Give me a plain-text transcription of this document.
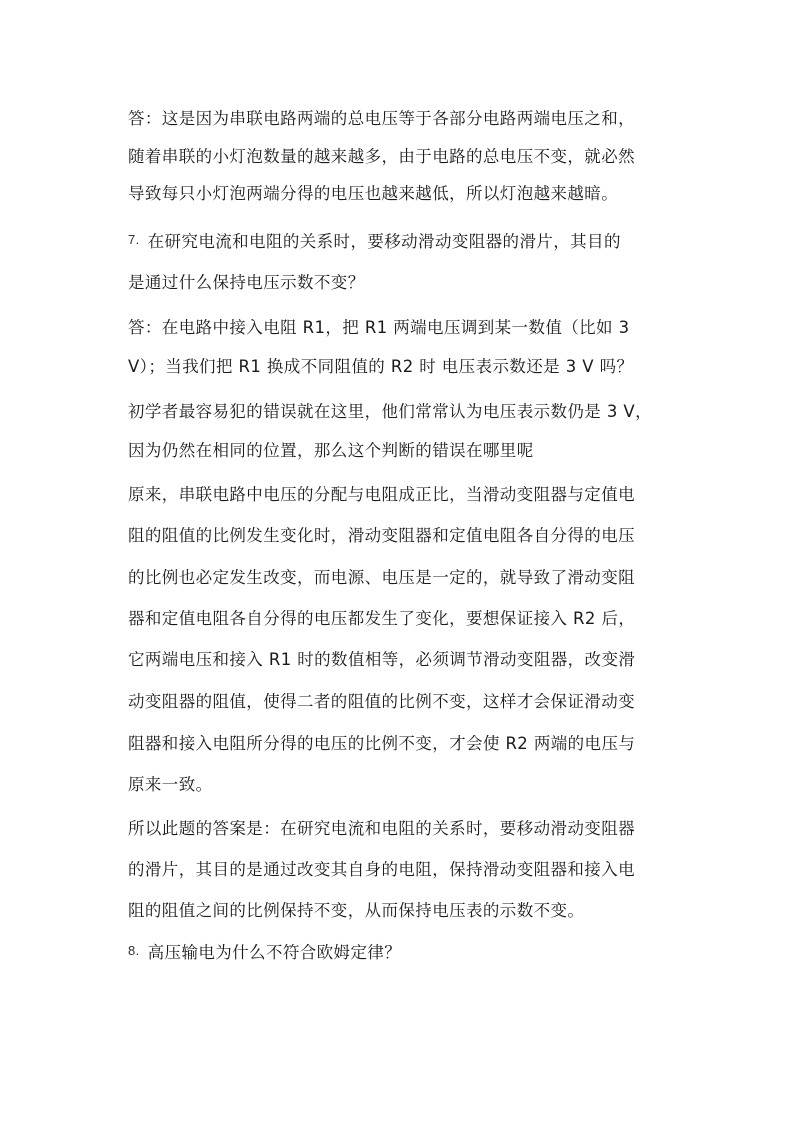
答：这是因为串联电路两端的总电压等于各部分电路两端电压之和，
随着串联的小灯泡数量的越来越多，由于电路的总电压不变，就必然
导致每只小灯泡两端分得的电压也越来越低，所以灯泡越来越暗。
7. 在研究电流和电阻的关系时，要移动滑动变阻器的滑片，其目的
是通过什么保持电压示数不变？
答：在电路中接入电阻 R1，把 R1 两端电压调到某一数值（比如 3
V）；当我们把 R1 换成不同阻值的 R2 时 电压表示数还是 3 V 吗？
初学者最容易犯的错误就在这里，他们常常认为电压表示数仍是 3 V，
因为仍然在相同的位置，那么这个判断的错误在哪里呢
原来，串联电路中电压的分配与电阻成正比，当滑动变阻器与定值电
阻的阻值的比例发生变化时，滑动变阻器和定值电阻各自分得的电压
的比例也必定发生改变，而电源、电压是一定的，就导致了滑动变阻
器和定值电阻各自分得的电压都发生了变化，要想保证接入 R2 后，
它两端电压和接入 R1 时的数值相等，必须调节滑动变阻器，改变滑
动变阻器的阻值，使得二者的阻值的比例不变，这样才会保证滑动变
阻器和接入电阻所分得的电压的比例不变，才会使 R2 两端的电压与
原来一致。
所以此题的答案是：在研究电流和电阻的关系时，要移动滑动变阻器
的滑片，其目的是通过改变其自身的电阻，保持滑动变阻器和接入电
阻的阻值之间的比例保持不变，从而保持电压表的示数不变。
8. 高压输电为什么不符合欧姆定律？
